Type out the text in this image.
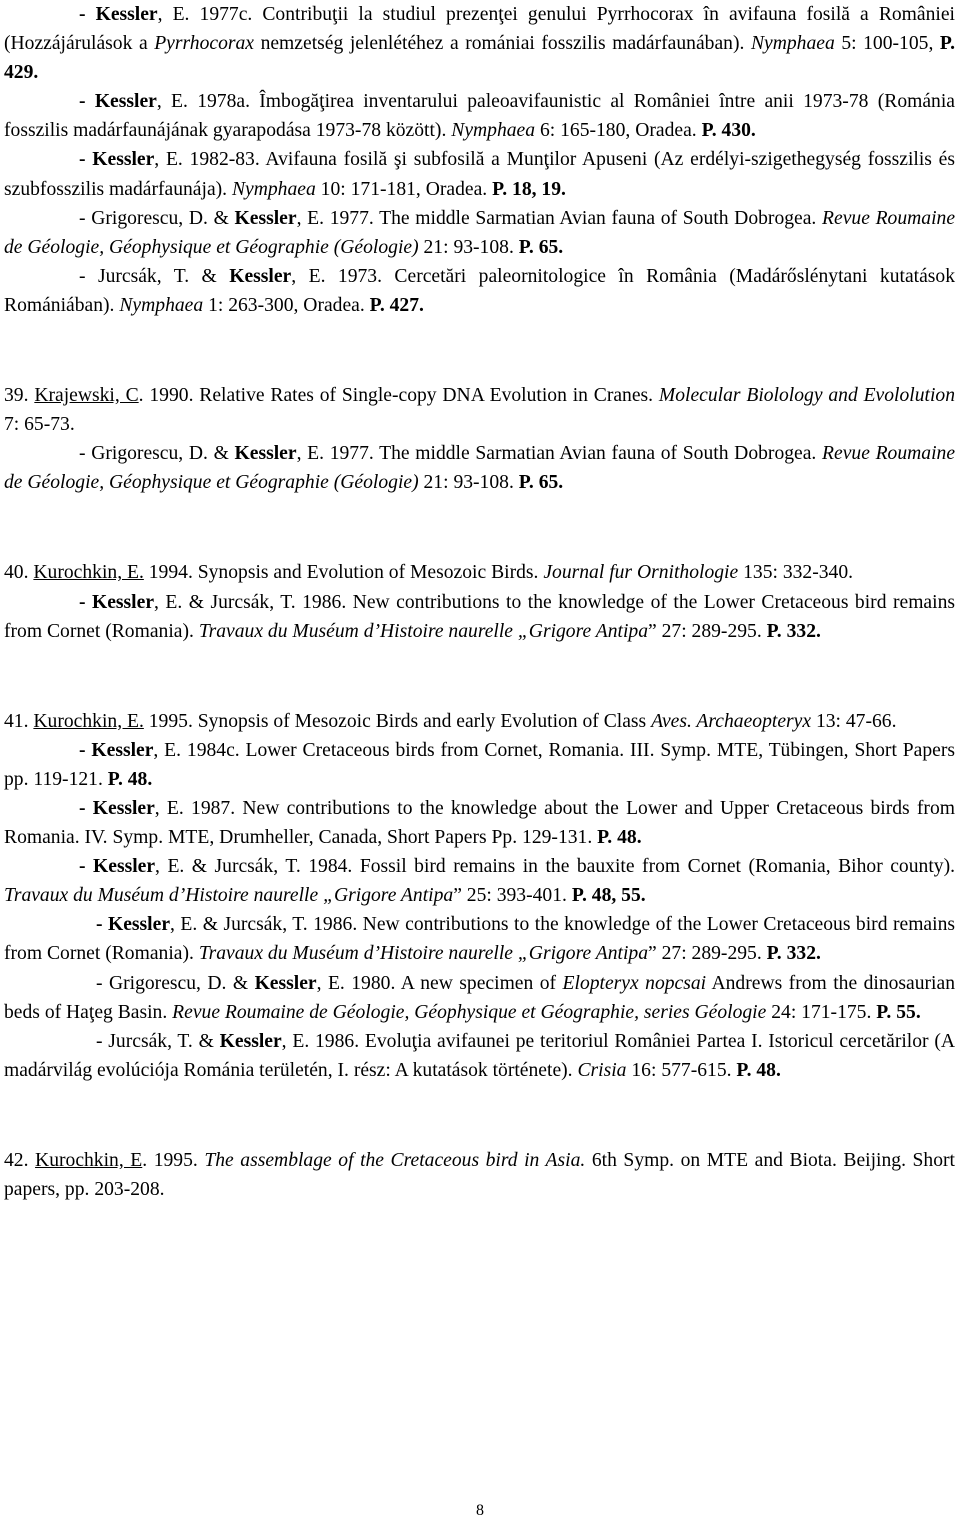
- Kessler, E. 1977c. Contribuţii la studiul prezenţei genului Pyrrhocorax în avifauna fosilă a României (Hozzájárulások a Pyrrhocorax nemzetség jelenlétéhez a romániai fosszilis madárfaunában). Nymphaea 5: 100-105, P. 429.

- Kessler, E. 1978a. Îmbogăţirea inventarului paleoavifaunistic al României între anii 1973-78 (Románia fosszilis madárfaunájának gyarapodása 1973-78 között). Nymphaea 6: 165-180, Oradea. P. 430.

- Kessler, E. 1982-83. Avifauna fosilă şi subfosilă a Munţilor Apuseni (Az erdélyi-szigethegység fosszilis és szubfosszilis madárfaunája). Nymphaea 10: 171-181, Oradea. P. 18, 19.

- Grigorescu, D. & Kessler, E. 1977. The middle Sarmatian Avian fauna of South Dobrogea. Revue Roumaine de Géologie, Géophysique et Géographie (Géologie) 21: 93-108. P. 65.

- Jurcsák, T. & Kessler, E. 1973. Cercetări paleornitologice în România (Madárőslénytani kutatások Romániában). Nymphaea 1: 263-300, Oradea. P. 427.

39. Krajewski, C. 1990. Relative Rates of Single-copy DNA Evolution in Cranes. Molecular Biolology and Evololution 7: 65-73.

- Grigorescu, D. & Kessler, E. 1977. The middle Sarmatian Avian fauna of South Dobrogea. Revue Roumaine de Géologie, Géophysique et Géographie (Géologie) 21: 93-108. P. 65.

40. Kurochkin, E. 1994. Synopsis and Evolution of Mesozoic Birds. Journal fur Ornithologie 135: 332-340.

- Kessler, E. & Jurcsák, T. 1986. New contributions to the knowledge of the Lower Cretaceous bird remains from Cornet (Romania). Travaux du Muséum d’Histoire naurelle „Grigore Antipa” 27: 289-295. P. 332.

41. Kurochkin, E. 1995. Synopsis of Mesozoic Birds and early Evolution of Class Aves. Archaeopteryx 13: 47-66.

- Kessler, E. 1984c. Lower Cretaceous birds from Cornet, Romania. III. Symp. MTE, Tübingen, Short Papers pp. 119-121. P. 48.

- Kessler, E. 1987. New contributions to the knowledge about the Lower and Upper Cretaceous birds from Romania. IV. Symp. MTE, Drumheller, Canada, Short Papers Pp. 129-131. P. 48.

- Kessler, E. & Jurcsák, T. 1984. Fossil bird remains in the bauxite from Cornet (Romania, Bihor county). Travaux du Muséum d’Histoire naurelle „Grigore Antipa” 25: 393-401. P. 48, 55.

- Kessler, E. & Jurcsák, T. 1986. New contributions to the knowledge of the Lower Cretaceous bird remains from Cornet (Romania). Travaux du Muséum d’Histoire naurelle „Grigore Antipa” 27: 289-295. P. 332.

- Grigorescu, D. & Kessler, E. 1980. A new specimen of Elopteryx nopcsai Andrews from the dinosaurian beds of Haţeg Basin. Revue Roumaine de Géologie, Géophysique et Géographie, series Géologie 24: 171-175. P. 55.

- Jurcsák, T. & Kessler, E. 1986. Evoluţia avifaunei pe teritoriul României Partea I. Istoricul cercetărilor (A madárvilág evolúciója Románia területén, I. rész: A kutatások története). Crisia 16: 577-615. P. 48.

42. Kurochkin, E. 1995. The assemblage of the Cretaceous bird in Asia. 6th Symp. on MTE and Biota. Beijing. Short papers, pp. 203-208.

8
